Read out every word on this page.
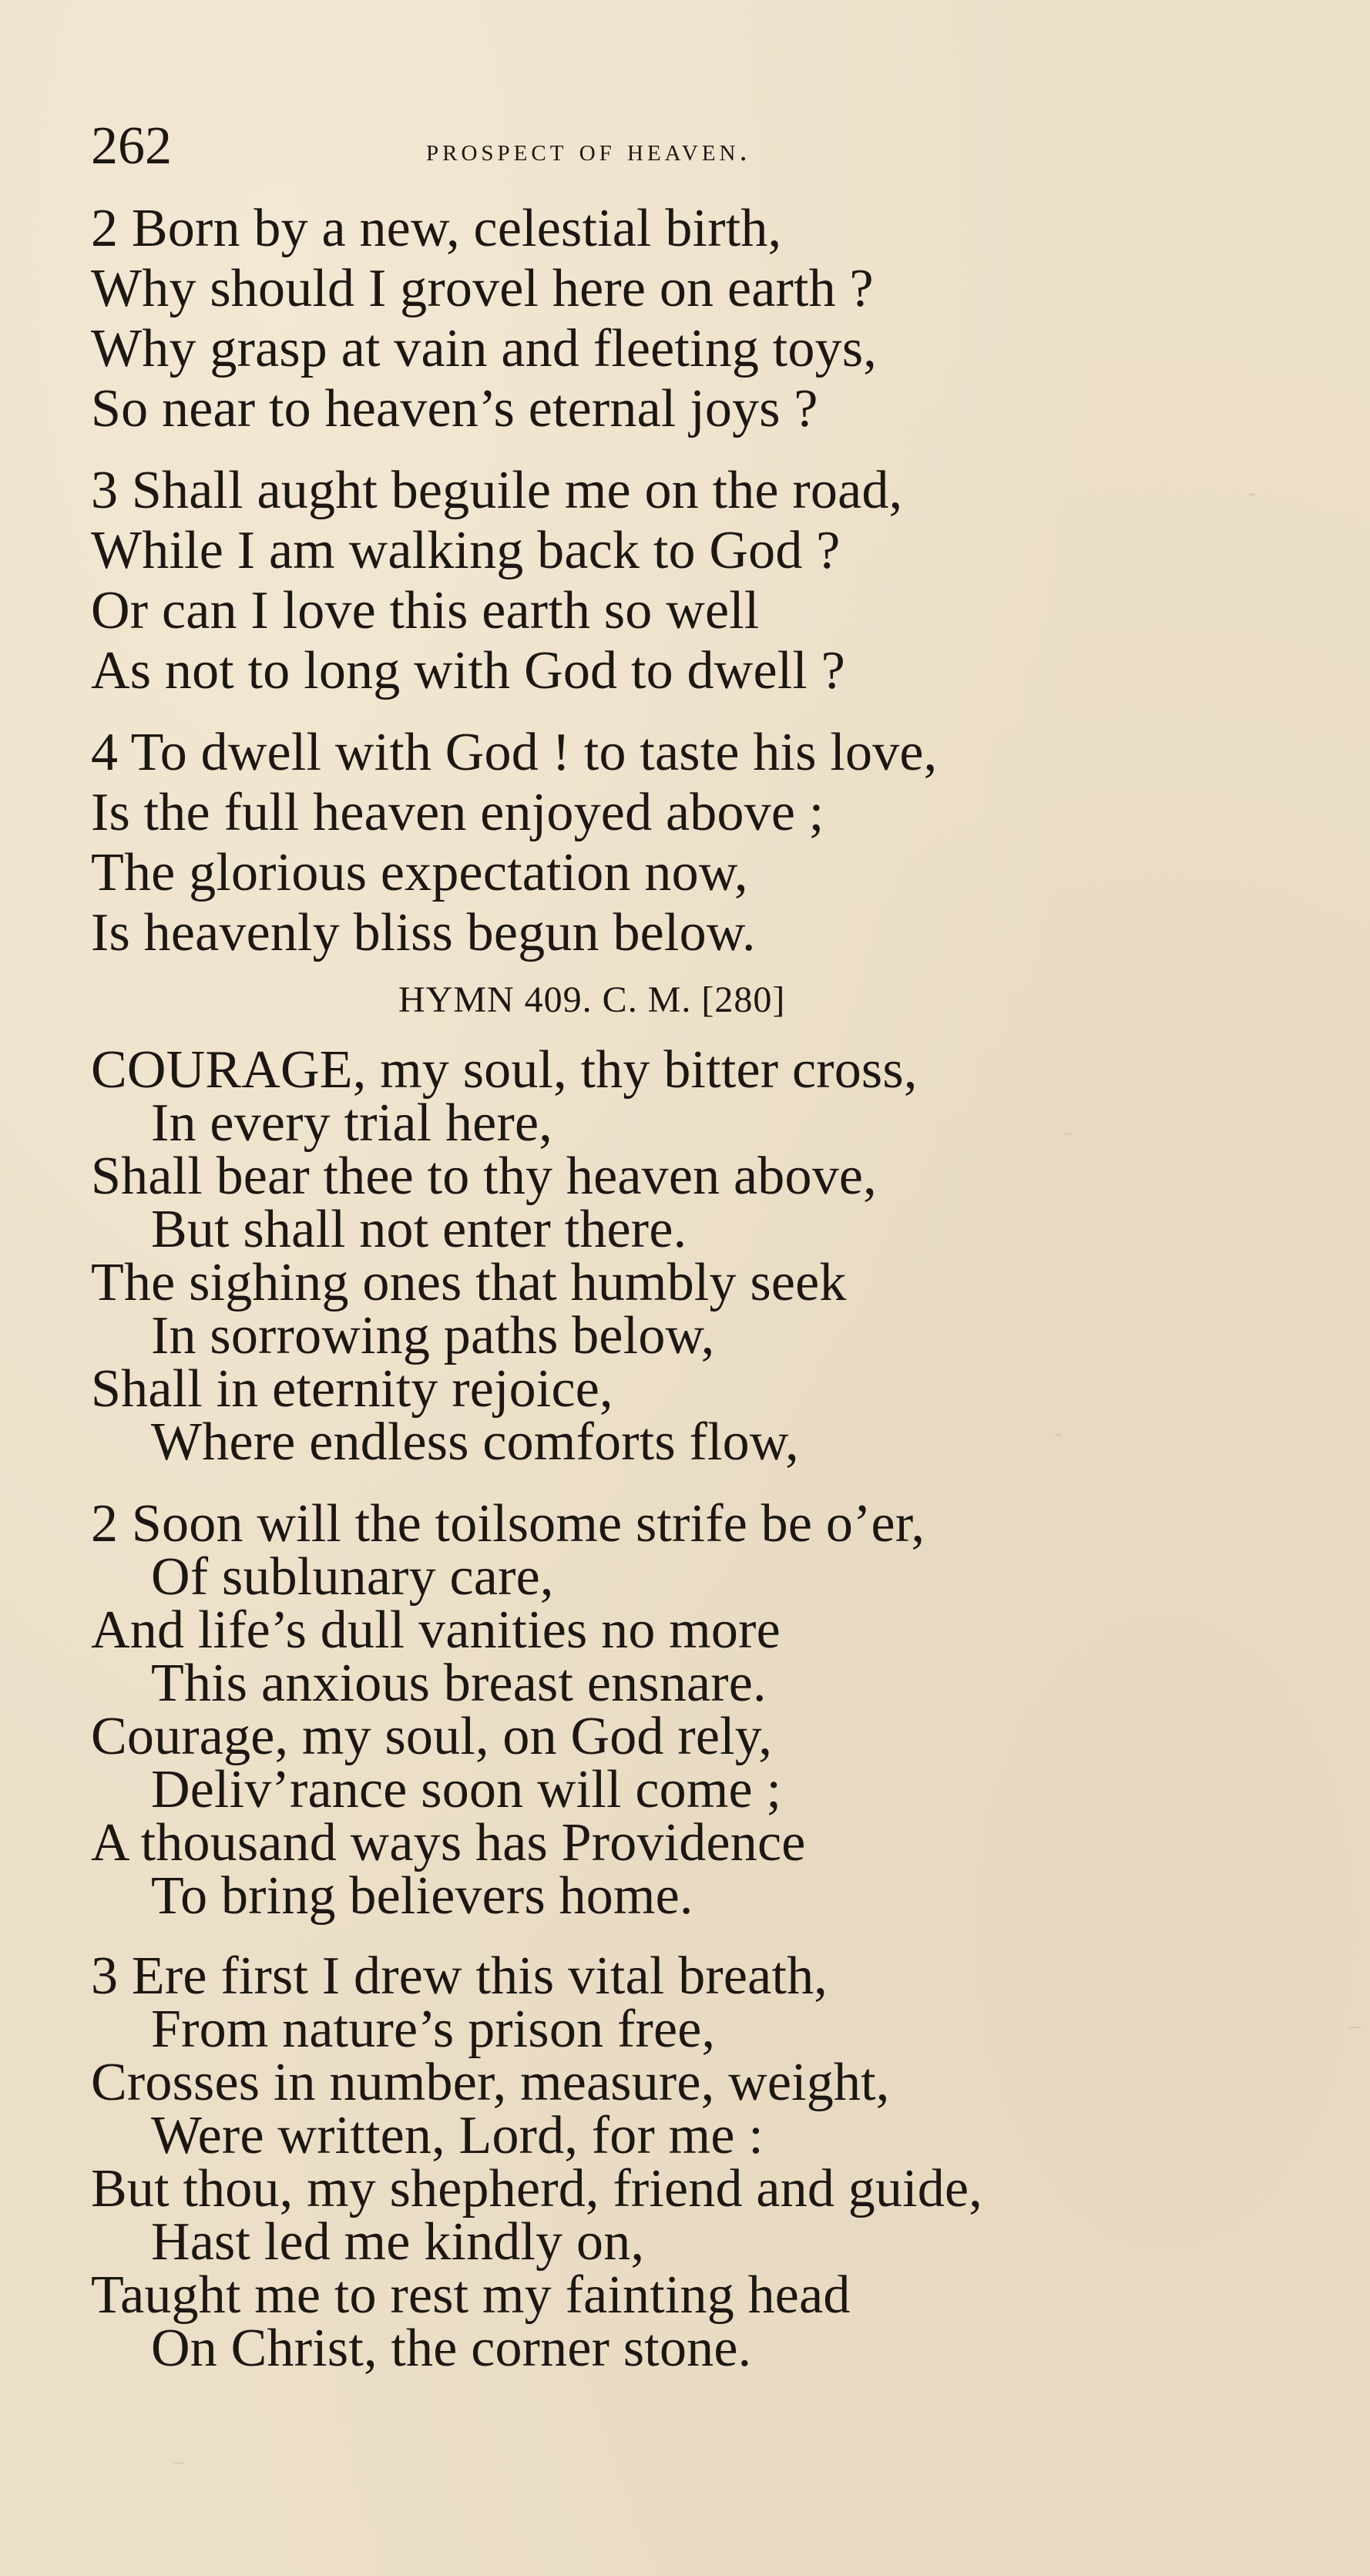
262	prospect of heaven.
2 Born by a new, celestial birth,
Why should I grovel here on earth ?
Why grasp at vain and fleeting toys,
So near to heaven’s eternal joys ?
3 Shall aught beguile me on the road,
While I am walking back to God ?
Or can I love this earth so well
As not to long with God to dwell ?
4 To dwell with God ! to taste his love,
Is the full heaven enjoyed above ;
The glorious expectation now,
Is heavenly bliss begun below.
HYMN 409. C. M. [280]
COURAGE, my soul, thy bitter cross,
In every trial here,
Shall bear thee to thy heaven above,
But shall not enter there.
The sighing ones that humbly seek
In sorrowing paths below,
Shall in eternity rejoice,
Where endless comforts flow,
2 Soon will the toilsome strife be o’er,
Of sublunary care,
And life’s dull vanities no more
This anxious breast ensnare.
Courage, my soul, on God rely,
Deliv’rance soon will come ;
A thousand ways has Providence
To bring believers home.
3 Ere first I drew this vital breath,
From nature’s prison free,
Crosses in number, measure, weight,
Were written, Lord, for me :
But thou, my shepherd, friend and guide,
Hast led me kindly on,
Taught me to rest my fainting head
On Christ, the corner stone.
